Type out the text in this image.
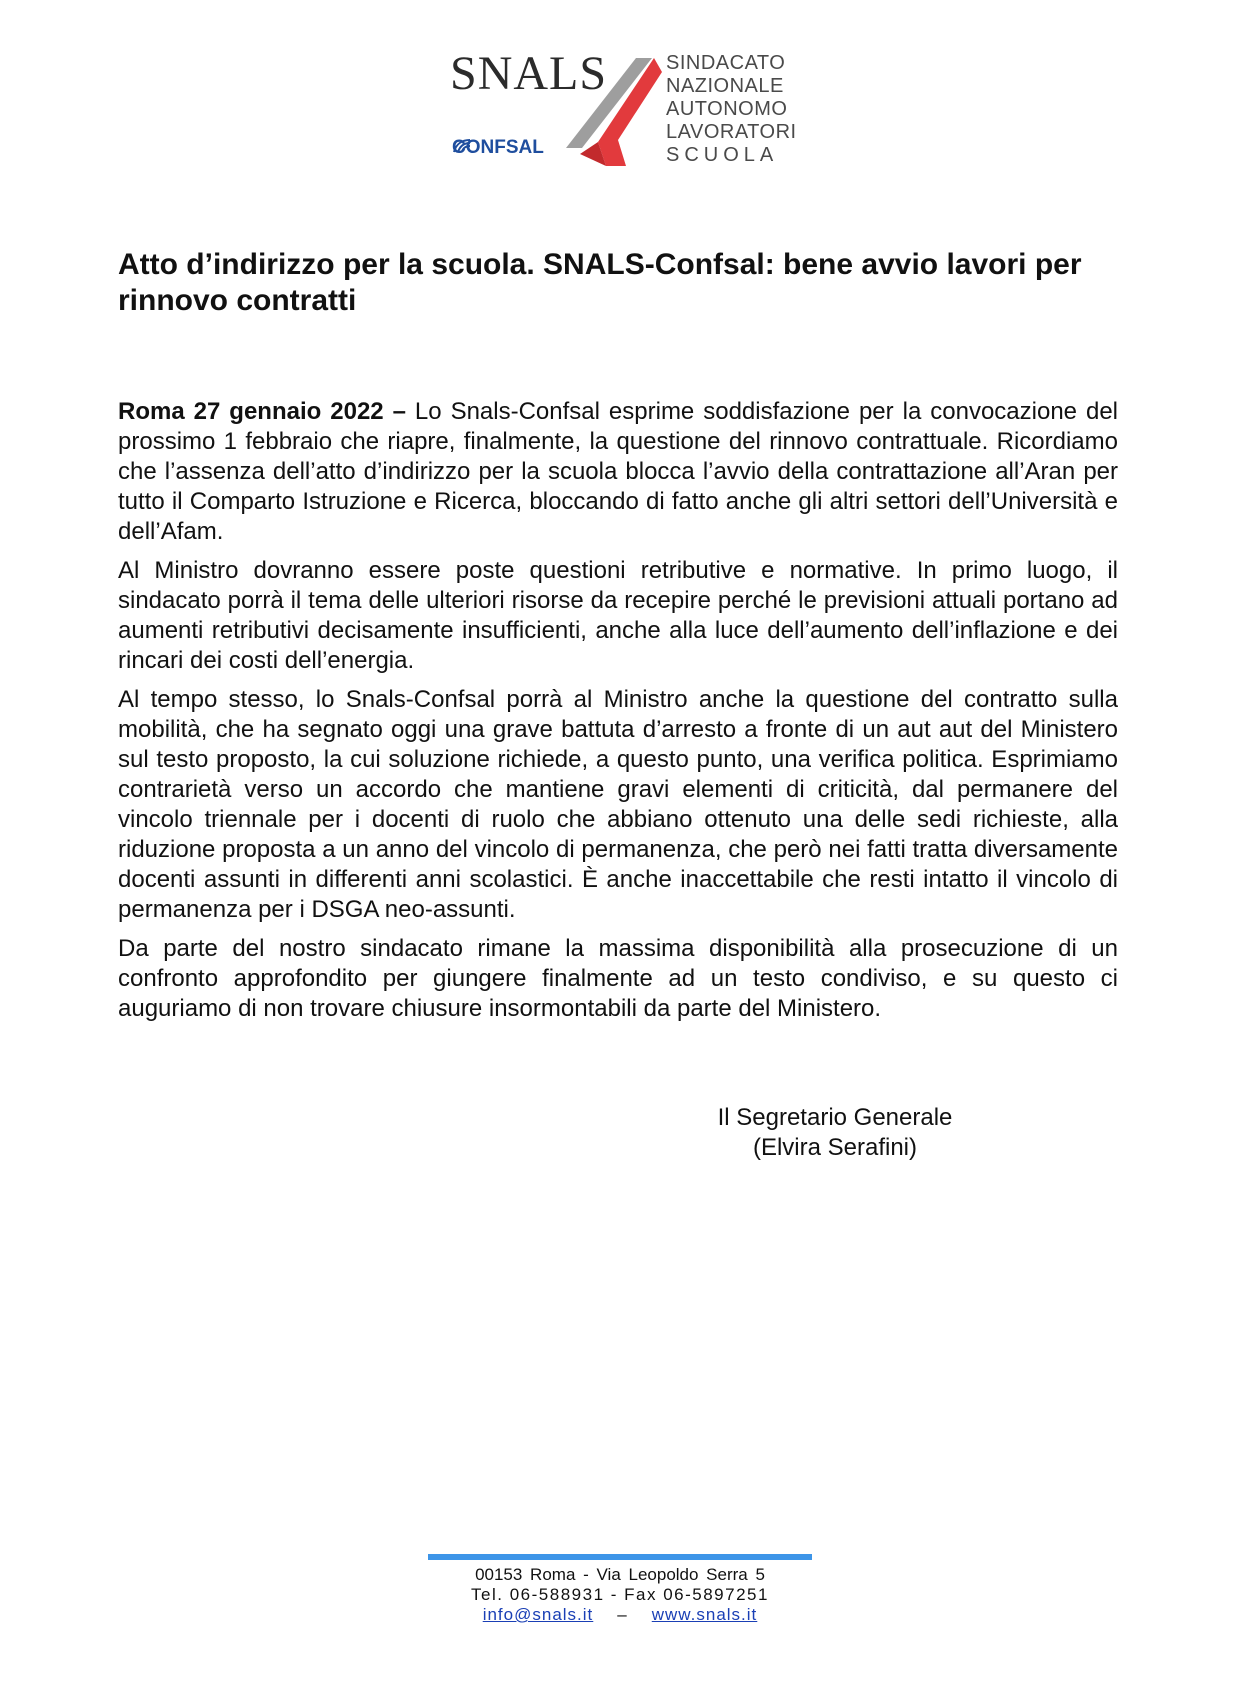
SNALS
CONFSAL
SINDACATO
NAZIONALE
AUTONOMO
LAVORATORI
SCUOLA
Atto d’indirizzo per la scuola. SNALS-Confsal: bene avvio lavori per rinnovo contratti

Roma 27 gennaio 2022 – Lo Snals-Confsal esprime soddisfazione per la convocazione del prossimo 1 febbraio che riapre, finalmente, la questione del rinnovo contrattuale. Ricordiamo che l’assenza dell’atto d’indirizzo per la scuola blocca l’avvio della contrattazione all’Aran per tutto il Comparto Istruzione e Ricerca, bloccando di fatto anche gli altri settori dell’Università e dell’Afam.

Al Ministro dovranno essere poste questioni retributive e normative. In primo luogo, il sindacato porrà il tema delle ulteriori risorse da recepire perché le previsioni attuali portano ad aumenti retributivi decisamente insufficienti, anche alla luce dell’aumento dell’inflazione e dei rincari dei costi dell’energia.

Al tempo stesso, lo Snals-Confsal porrà al Ministro anche la questione del contratto sulla mobilità, che ha segnato oggi una grave battuta d’arresto a fronte di un aut aut del Ministero sul testo proposto, la cui soluzione richiede, a questo punto, una verifica politica. Esprimiamo contrarietà verso un accordo che mantiene gravi elementi di criticità, dal permanere del vincolo triennale per i docenti di ruolo che abbiano ottenuto una delle sedi richieste, alla riduzione proposta a un anno del vincolo di permanenza, che però nei fatti tratta diversamente docenti assunti in differenti anni scolastici. È anche inaccettabile che resti intatto il vincolo di permanenza per i DSGA neo-assunti.

Da parte del nostro sindacato rimane la massima disponibilità alla prosecuzione di un confronto approfondito per giungere finalmente ad un testo condiviso, e su questo ci auguriamo di non trovare chiusure insormontabili da parte del Ministero.

Il Segretario Generale
(Elvira Serafini)
00153 Roma - Via Leopoldo Serra 5
Tel. 06-588931 - Fax 06-5897251
info@snals.it – www.snals.it
